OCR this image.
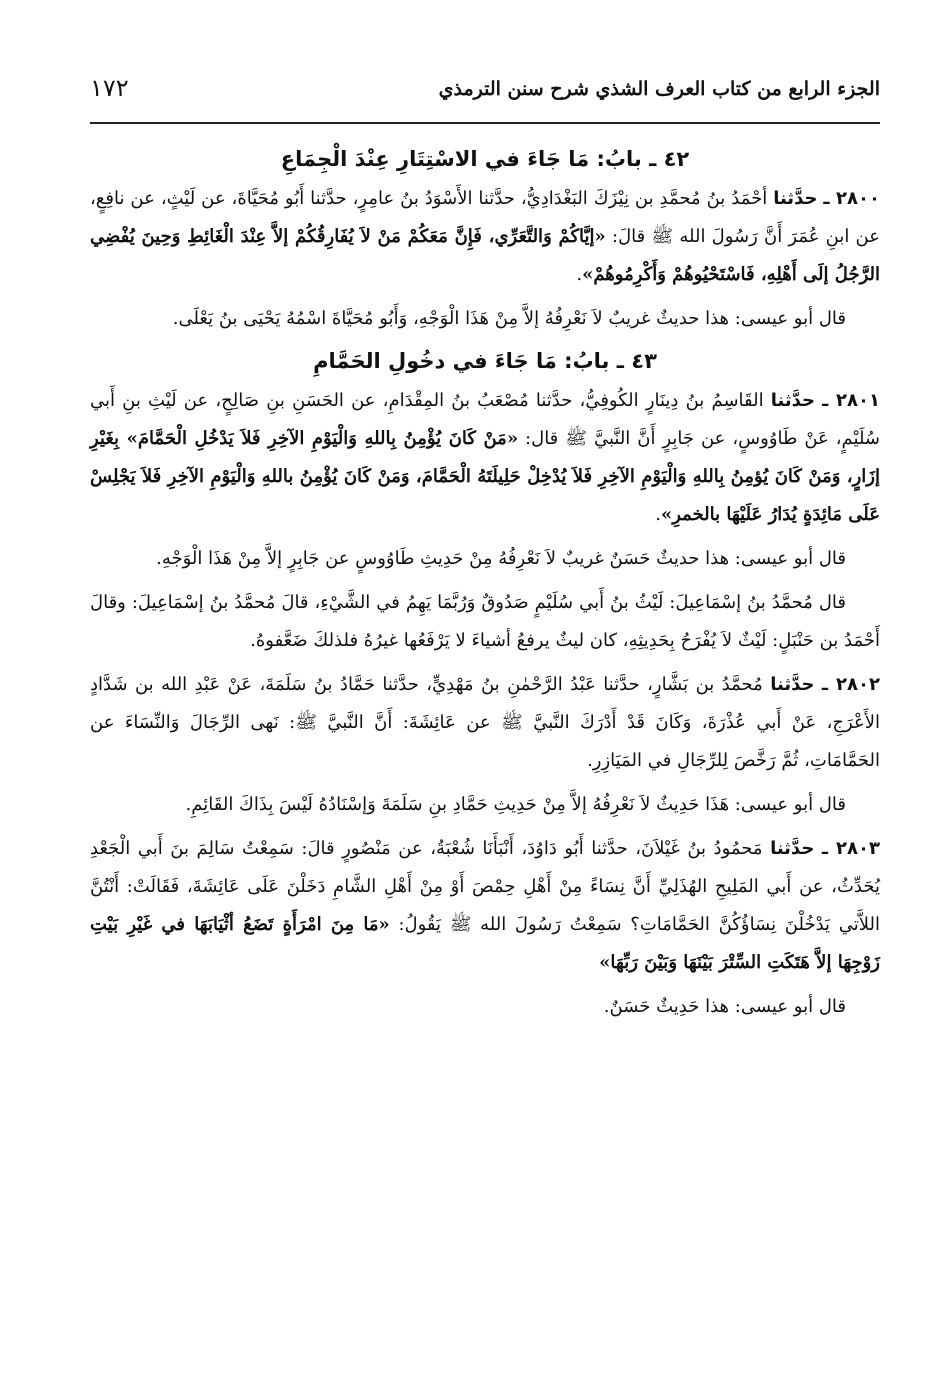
الجزء الرابع من كتاب العرف الشذي شرح سنن الترمذي
١٧٢
٤٢ ـ بابُ: مَا جَاءَ في الاسْتِتَارِ عِنْدَ الْجِمَاعِ

٢٨٠٠ ـ حدَّثنا أحْمَدُ بنُ مُحمَّدِ بن نِيْزَكَ البَغْدَادِيُّ، حدَّثنا الأَسْوَدُ بنُ عامِرٍ، حدَّثنا أَبُو مُحَيَّاةَ، عن لَيْثٍ، عن نافِعٍ، عن ابنِ عُمَرَ أَنَّ رَسُولَ الله ﷺ قالَ: «إيَّاكُمْ وَالتَّعَرِّي، فَإِنَّ مَعَكُمْ مَنْ لاَ يُفَارِقُكُمْ إلاَّ عِنْدَ الْغَائِطِ وَحِينَ يُفْضِي الرَّجُلُ إلَى أَهْلِهِ، فَاسْتَحْيُوهُمْ وَأَكْرِمُوهُمْ».

قال أبو عيسى: هذا حديثٌ غريبٌ لاَ نَعْرِفُهُ إلاَّ مِنْ هَذَا الْوَجْهِ، وَأَبُو مُحَيَّاةَ اسْمُهُ يَحْيَى بنُ يَعْلَى.

٤٣ ـ بابُ: مَا جَاءَ في دخُولِ الحَمَّامِ

٢٨٠١ ـ حدَّثنا القَاسِمُ بنُ دِينَارٍ الكُوفِيُّ، حدَّثنا مُصْعَبُ بنُ المِقْدَامِ، عن الحَسَنِ بنِ صَالِحٍ، عن لَيْثِ بنِ أَبي سُلَيْمٍ، عَنْ طَاوُوسٍ، عن جَابِرٍ أَنَّ النَّبيَّ ﷺ قال: «مَنْ كَانَ يُؤْمِنُ بِاللهِ وَالْيَوْمِ الآخِرِ فَلاَ يَدْخُلِ الْحَمَّامَ» بِغَيْرِ إزَارٍ، وَمَنْ كَانَ يُؤمِنُ بِاللهِ وَالْيَوْمِ الآخِرِ فَلاَ يُدْخِلْ حَلِيلَتَهُ الْحَمَّامَ، وَمَنْ كَانَ يُؤْمِنُ باللهِ وَالْيَوْمِ الآخِرِ فَلاَ يَجْلِسْ عَلَى مَائِدَةٍ يُدَارُ عَلَيْهَا بالخمرِ».

قال أبو عيسى: هذا حديثٌ حَسَنٌ غريبٌ لاَ نَعْرِفُهُ مِنْ حَدِيثِ طَاوُوسٍ عن جَابِرٍ إلاَّ مِنْ هَذَا الْوَجْهِ.

قال مُحمَّدُ بنُ إسْمَاعِيلَ: لَيْثُ بنُ أَبي سُلَيْمٍ صَدُوقٌ وَرُبَّمَا يَهِمُ في الشَّيْءِ، قالَ مُحمَّدُ بنُ إسْمَاعِيلَ: وقالَ أَحْمَدُ بن حَنْبَلٍ: لَيْثٌ لاَ يُفْرَحُ بِحَدِيثِهِ، كان ليثٌ يرفعُ أشياءَ لا يَرْفَعُها غيرُهُ فلذلكَ ضَعَّفوهُ.

٢٨٠٢ ـ حدَّثنا مُحمَّدُ بن بَشَّارٍ، حدَّثنا عَبْدُ الرَّحْمٰنِ بنُ مَهْدِيٍّ، حدَّثنا حَمَّادُ بنُ سَلَمَةَ، عَنْ عَبْدِ الله بن شَدَّادٍ الأَعْرَجِ، عَنْ أَبي عُذْرَةَ، وَكَانَ قَدْ أَدْرَكَ النَّبيَّ ﷺ عن عَائِشَةَ: أَنَّ النَّبيَّ ﷺ: نَهى الرِّجَالَ وَالنِّسَاءَ عن الحَمَّامَاتِ، ثُمَّ رَخَّصَ لِلرِّجَالِ في المَيَازِرِ.

قال أبو عيسى: هَذَا حَدِيثٌ لاَ نَعْرِفُهُ إلاَّ مِنْ حَدِيثِ حَمَّادِ بنِ سَلَمَةَ وَإسْنَادُهُ لَيْسَ بِذَاكَ القَائِمِ.

٢٨٠٣ ـ حدَّثنا مَحمُودُ بنُ غَيْلاَنَ، حدَّثنا أَبُو دَاوُدَ، أَنْبَأَنَا شُعْبَةُ، عن مَنْصُورٍ قالَ: سَمِعْتُ سَالِمَ بنَ أَبي الْجَعْدِ يُحَدِّثُ، عن أَبي المَلِيحِ الهُذَلِيِّ أَنَّ نِسَاءً مِنْ أَهْلِ حِمْصَ أَوْ مِنْ أَهْلِ الشَّامِ دَخَلْنَ عَلَى عَائِشَةَ، فَقَالَتْ: أَنْتُنَّ اللاَّتي يَدْخُلْنَ نِسَاؤُكُنَّ الحَمَّامَاتِ؟ سَمِعْتُ رَسُولَ الله ﷺ يَقُولُ: «مَا مِنَ امْرَأَةٍ تَضَعُ أثْيَابَهَا في غَيْرِ بَيْتِ زَوْجِهَا إلاَّ هَتَكَتِ السِّتْرَ بَيْنَهَا وَبَيْنَ رَبِّهَا»

قال أبو عيسى: هذا حَدِيثٌ حَسَنٌ.
